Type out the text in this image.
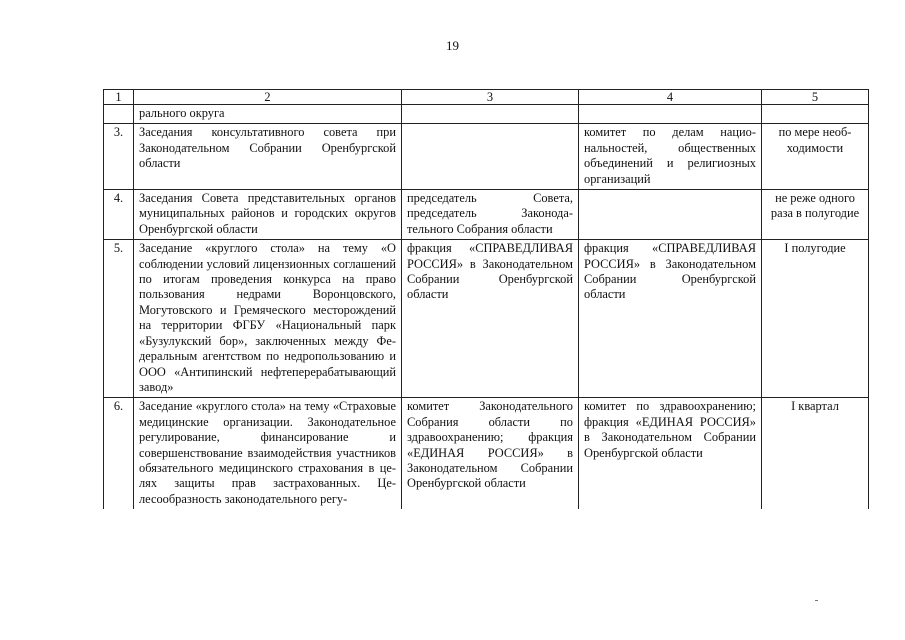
19
1	2	3	4	5
	рального округа			
3.	Заседания консультативного совета при Законодательном Собрании Оренбургской области		комитет по делам национальностей, общественных объединений и религиозных организаций	по мере необходимости
4.	Заседания Совета представительных органов муниципальных районов и городских округов Оренбургской области	председатель Совета, председатель Законодательного Собрания области		не реже одного раза в полугодие
5.	Заседание «круглого стола» на тему «О соблюдении условий лицензионных соглашений по итогам проведения конкурса на право пользования недрами Воронцовского, Могутовского и Гремяческого месторождений на территории ФГБУ «Национальный парк «Бузулукский бор», заключенных между Федеральным агентством по недропользованию и ООО «Антипинский нефтеперерабатывающий завод»	фракция «СПРАВЕДЛИВАЯ РОССИЯ» в Законодательном Собрании Оренбургской области	фракция «СПРАВЕДЛИВАЯ РОССИЯ» в Законодательном Собрании Оренбургской области	I полугодие
6.	Заседание «круглого стола» на тему «Страховые медицинские организации. Законодательное регулирование, финансирование и совершенствование взаимодействия участников обязательного медицинского страхования в целях защиты прав застрахованных. Целесообразность законодательного регу-	комитет Законодательного Собрания области по здравоохранению; фракция «ЕДИНАЯ РОССИЯ» в Законодательном Собрании Оренбургской области	комитет по здравоохранению; фракция «ЕДИНАЯ РОССИЯ» в Законодательном Собрании Оренбургской области	I квартал
